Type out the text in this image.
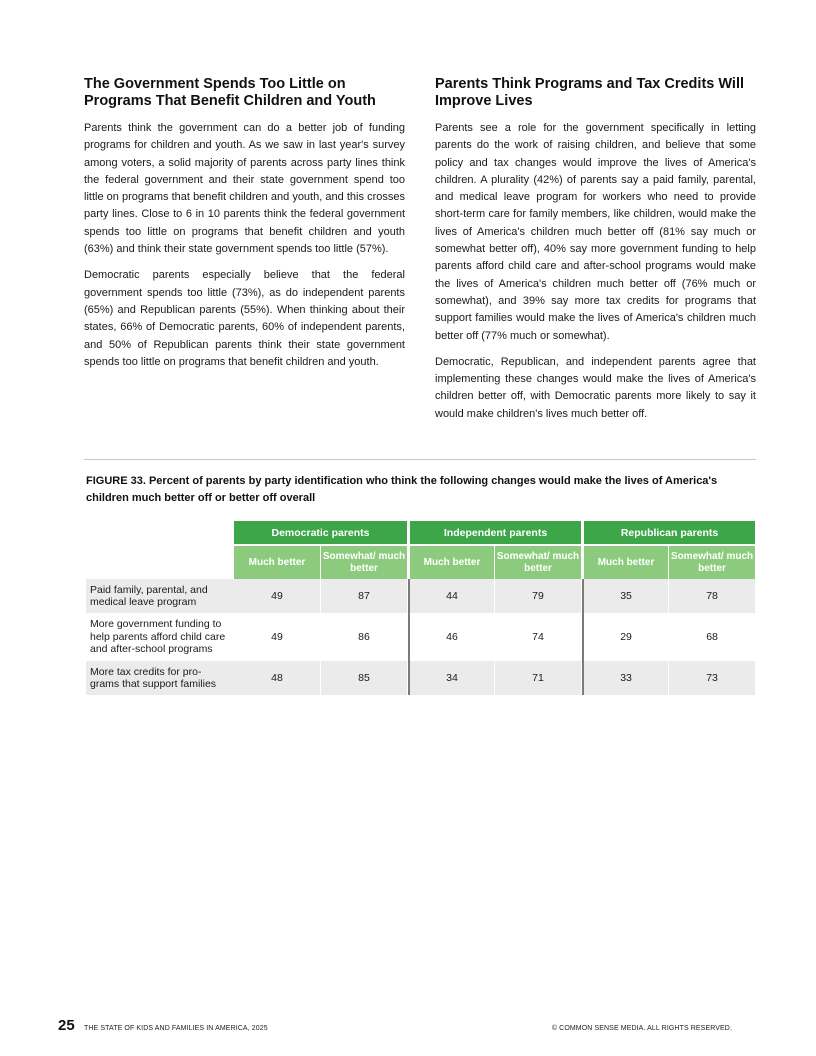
The Government Spends Too Little on Programs That Benefit Children and Youth

Parents think the government can do a better job of funding programs for children and youth. As we saw in last year's survey among voters, a solid majority of parents across party lines think the federal government and their state government spend too little on programs that benefit children and youth, and this crosses party lines. Close to 6 in 10 parents think the federal government spends too little on programs that benefit children and youth (63%) and think their state government spends too little (57%).

Democratic parents especially believe that the federal government spends too little (73%), as do independent parents (65%) and Republican parents (55%). When thinking about their states, 66% of Democratic parents, 60% of independent parents, and 50% of Republican parents think their state government spends too little on programs that benefit children and youth.

Parents Think Programs and Tax Credits Will Improve Lives

Parents see a role for the government specifically in letting parents do the work of raising children, and believe that some policy and tax changes would improve the lives of America's children. A plurality (42%) of parents say a paid family, parental, and medical leave program for workers who need to provide short-term care for family members, like children, would make the lives of America's children much better off (81% say much or somewhat better off), 40% say more government funding to help parents afford child care and after-school programs would make the lives of America's children much better off (76% much or somewhat), and 39% say more tax credits for programs that support families would make the lives of America's children much better off (77% much or somewhat).

Democratic, Republican, and independent parents agree that implementing these changes would make the lives of America's children better off, with Democratic parents more likely to say it would make children's lives much better off.

FIGURE 33. Percent of parents by party identification who think the following changes would make the lives of America's children much better off or better off overall
	Democratic parents		Independent parents		Republican parents	
	Much better	Somewhat/ much better	Much better	Somewhat/ much better	Much better	Somewhat/ much better
Paid family, parental, and medical leave program	49	87	44	79	35	78
More government funding to help parents afford child care and after-school programs	49	86	46	74	29	68
More tax credits for pro- grams that support families	48	85	34	71	33	73
25 THE STATE OF KIDS AND FAMILIES IN AMERICA, 2025	© COMMON SENSE MEDIA. ALL RIGHTS RESERVED.
